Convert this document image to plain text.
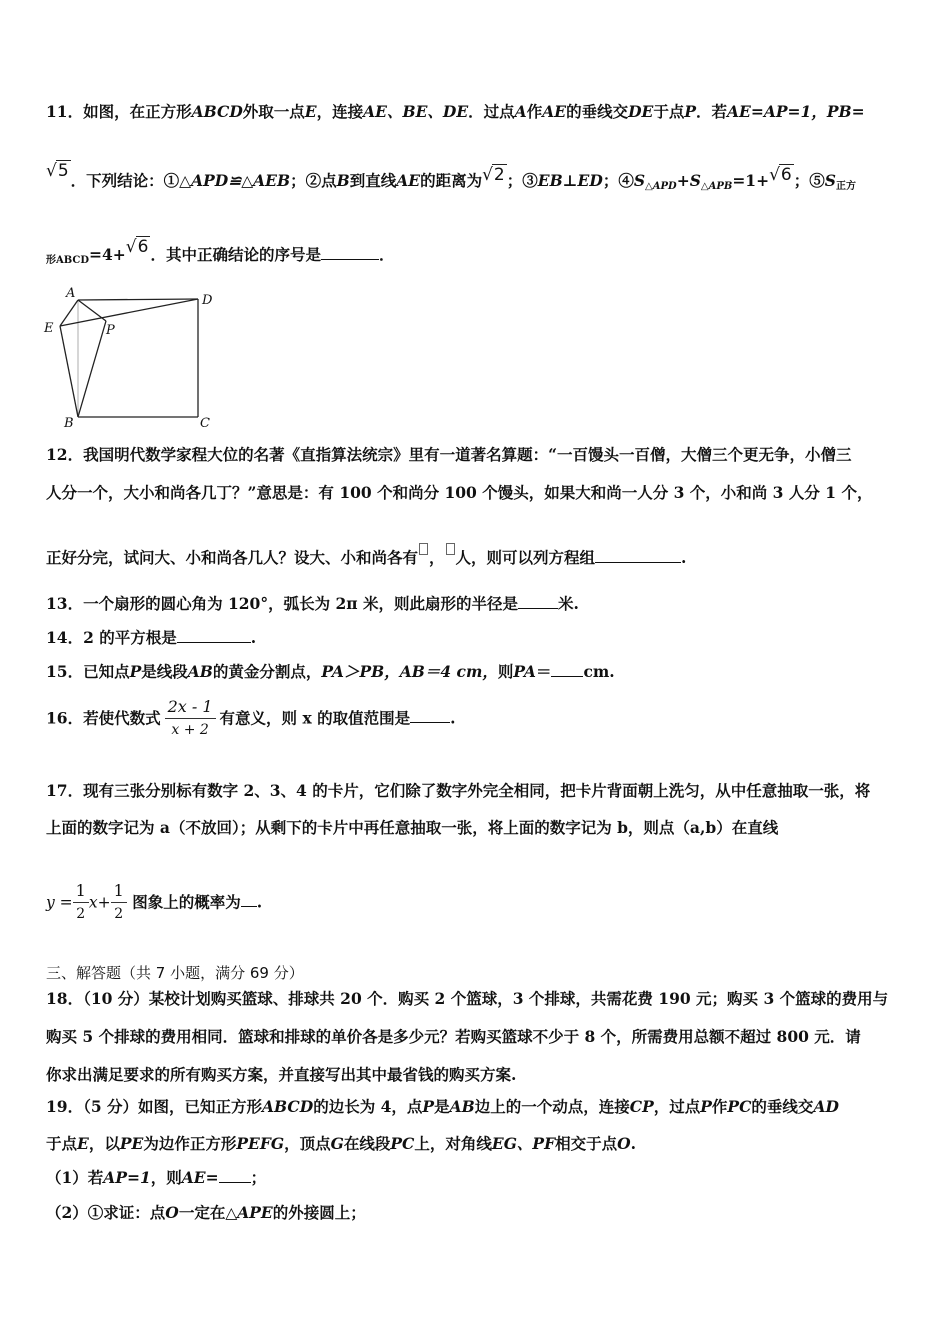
11．如图，在正方形ABCD外取一点E，连接AE、BE、DE．过点A作AE的垂线交DE于点P．若AE=AP=1，PB=
√5 ．下列结论：①△APD≌△AEB；②点B到直线AE的距离为√2 ；③EB⊥ED；$④S_{\triangle APD}+S_{\triangle APB}=1+√6$ ；⑤S正方
形ABCD=4+√6 ．其中正确结论的序号是	．
A	D
E	P
B	C
12．我国明代数学家程大位的名著《直指算法统宗》里有一道著名算题：“一百馒头一百僧，大僧三个更无争，小僧三
人分一个，大小和尚各几丁？”意思是：有 100 个和尚分 100 个馒头，如果大和尚一人分 3 个，小和尚 3 人分 1 个，
正好分完，试问大、小和尚各几人？设大、小和尚各有 ， 人，则可以列方程组	.
13．一个扇形的圆心角为 120°，弧长为 2π 米，则此扇形的半径是	米.
14．2 的平方根是	.
15．已知点P是线段AB的黄金分割点，PA＞PB，AB＝4 cm，则PA＝ cm.
16．若使代数式 $\frac{2x - 1}{x + 2}$ 有意义，则 x 的取值范围是	.
17．现有三张分别标有数字 2、3、4 的卡片，它们除了数字外完全相同，把卡片背面朝上洗匀，从中任意抽取一张，将
上面的数字记为 a（不放回）；从剩下的卡片中再任意抽取一张，将上面的数字记为 b，则点（a,b）在直线
$y = \frac{1}{2} x+ \frac{1}{2}$ 图象上的概率为 .
三、解答题（共 7 小题，满分 69 分）
18．（10 分）某校计划购买篮球、排球共 20 个．购买 2 个篮球，3 个排球，共需花费 190 元；购买 3 个篮球的费用与
购买 5 个排球的费用相同．篮球和排球的单价各是多少元？若购买篮球不少于 8 个，所需费用总额不超过 800 元．请
你求出满足要求的所有购买方案，并直接写出其中最省钱的购买方案.
19．（5 分）如图，已知正方形ABCD的边长为 4，点P是AB边上的一个动点，连接CP，过点P作PC的垂线交AD
于点E，以PE为边作正方形PEFG，顶点G在线段PC上，对角线EG、PF相交于点O.
（1）若AP=1，则AE= ；
（2）①求证：点O一定在△APE的外接圆上；
